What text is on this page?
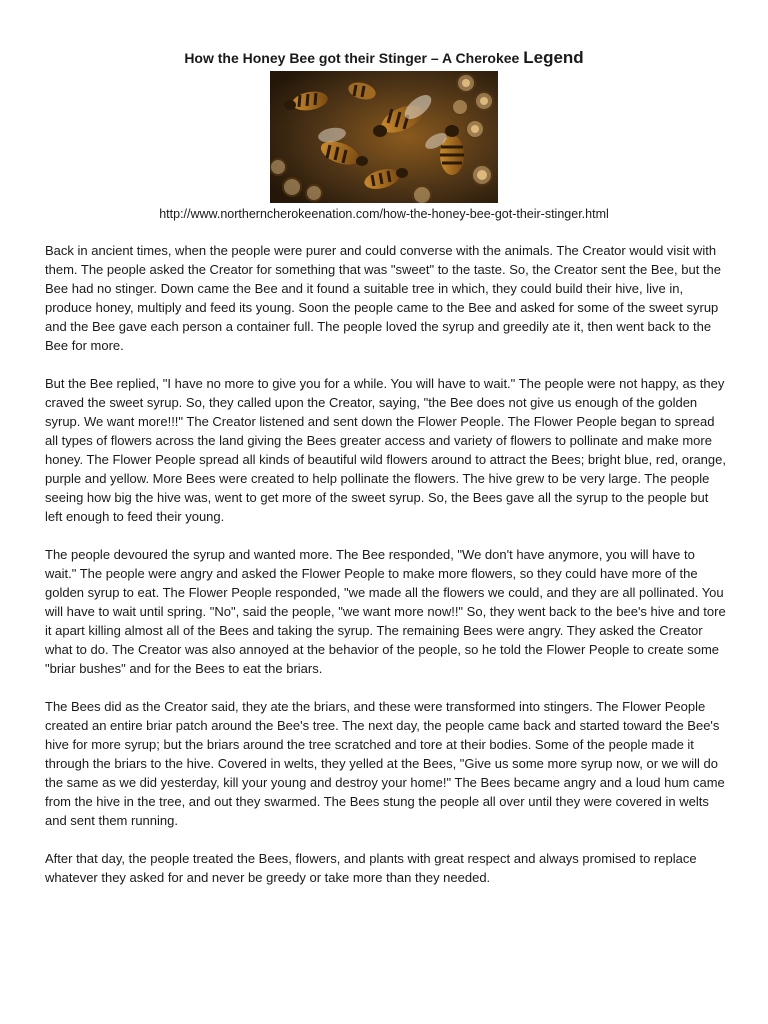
How the Honey Bee got their Stinger – A Cherokee Legend
http://www.northerncherokeenation.com/how-the-honey-bee-got-their-stinger.html

Back in ancient times, when the people were purer and could converse with the animals. The Creator would visit with them. The people asked the Creator for something that was "sweet" to the taste. So, the Creator sent the Bee, but the Bee had no stinger. Down came the Bee and it found a suitable tree in which, they could build their hive, live in, produce honey, multiply and feed its young. Soon the people came to the Bee and asked for some of the sweet syrup and the Bee gave each person a container full. The people loved the syrup and greedily ate it, then went back to the Bee for more.

But the Bee replied, "I have no more to give you for a while. You will have to wait." The people were not happy, as they craved the sweet syrup. So, they called upon the Creator, saying, "the Bee does not give us enough of the golden syrup. We want more!!!" The Creator listened and sent down the Flower People. The Flower People began to spread all types of flowers across the land giving the Bees greater access and variety of flowers to pollinate and make more honey. The Flower People spread all kinds of beautiful wild flowers around to attract the Bees; bright blue, red, orange, purple and yellow. More Bees were created to help pollinate the flowers. The hive grew to be very large. The people seeing how big the hive was, went to get more of the sweet syrup. So, the Bees gave all the syrup to the people but left enough to feed their young.

The people devoured the syrup and wanted more. The Bee responded, "We don't have anymore, you will have to wait." The people were angry and asked the Flower People to make more flowers, so they could have more of the golden syrup to eat. The Flower People responded, "we made all the flowers we could, and they are all pollinated. You will have to wait until spring. "No", said the people, "we want more now!!" So, they went back to the bee's hive and tore it apart killing almost all of the Bees and taking the syrup. The remaining Bees were angry. They asked the Creator what to do. The Creator was also annoyed at the behavior of the people, so he told the Flower People to create some "briar bushes" and for the Bees to eat the briars.

The Bees did as the Creator said, they ate the briars, and these were transformed into stingers. The Flower People created an entire briar patch around the Bee's tree. The next day, the people came back and started toward the Bee's hive for more syrup; but the briars around the tree scratched and tore at their bodies. Some of the people made it through the briars to the hive. Covered in welts, they yelled at the Bees, "Give us some more syrup now, or we will do the same as we did yesterday, kill your young and destroy your home!" The Bees became angry and a loud hum came from the hive in the tree, and out they swarmed. The Bees stung the people all over until they were covered in welts and sent them running.

After that day, the people treated the Bees, flowers, and plants with great respect and always promised to replace whatever they asked for and never be greedy or take more than they needed.
